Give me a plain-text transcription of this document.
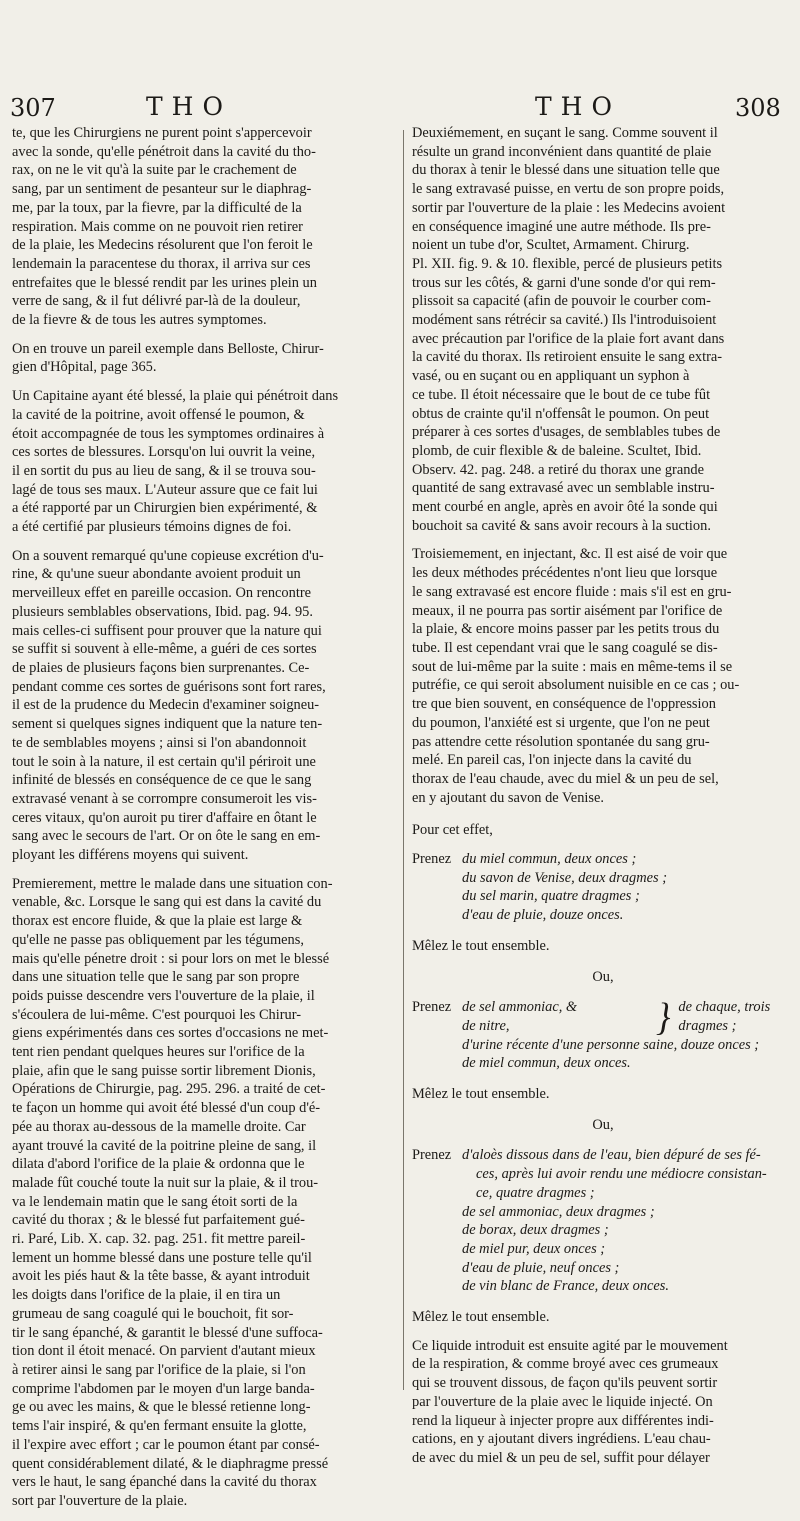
307	THO	THO	308
te, que les Chirurgiens ne purent point s'appercevoir
avec la sonde, qu'elle pénétroit dans la cavité du tho-
rax, on ne le vit qu'à la suite par le crachement de
sang, par un sentiment de pesanteur sur le diaphrag-
me, par la toux, par la fievre, par la difficulté de la
respiration. Mais comme on ne pouvoit rien retirer
de la plaie, les Medecins résolurent que l'on feroit le
lendemain la paracentese du thorax, il arriva sur ces
entrefaites que le blessé rendit par les urines plein un
verre de sang, & il fut délivré par-là de la douleur,
de la fievre & de tous les autres symptomes.
On en trouve un pareil exemple dans Belloste, Chirur-
gien d'Hôpital, page 365.
Un Capitaine ayant été blessé, la plaie qui pénétroit dans
la cavité de la poitrine, avoit offensé le poumon, &
étoit accompagnée de tous les symptomes ordinaires à
ces sortes de blessures. Lorsqu'on lui ouvrit la veine,
il en sortit du pus au lieu de sang, & il se trouva sou-
lagé de tous ses maux. L'Auteur assure que ce fait lui
a été rapporté par un Chirurgien bien expérimenté, &
a été certifié par plusieurs témoins dignes de foi.
On a souvent remarqué qu'une copieuse excrétion d'u-
rine, & qu'une sueur abondante avoient produit un
merveilleux effet en pareille occasion. On rencontre
plusieurs semblables observations, Ibid. pag. 94. 95.
mais celles-ci suffisent pour prouver que la nature qui
se suffit si souvent à elle-même, a guéri de ces sortes
de plaies de plusieurs façons bien surprenantes. Ce-
pendant comme ces sortes de guérisons sont fort rares,
il est de la prudence du Medecin d'examiner soigneu-
sement si quelques signes indiquent que la nature ten-
te de semblables moyens ; ainsi si l'on abandonnoit
tout le soin à la nature, il est certain qu'il périroit une
infinité de blessés en conséquence de ce que le sang
extravasé venant à se corrompre consumeroit les vis-
ceres vitaux, qu'on auroit pu tirer d'affaire en ôtant le
sang avec le secours de l'art. Or on ôte le sang en em-
ployant les différens moyens qui suivent.
Premierement, mettre le malade dans une situation con-
venable, &c. Lorsque le sang qui est dans la cavité du
thorax est encore fluide, & que la plaie est large &
qu'elle ne passe pas obliquement par les tégumens,
mais qu'elle pénetre droit : si pour lors on met le blessé
dans une situation telle que le sang par son propre
poids puisse descendre vers l'ouverture de la plaie, il
s'écoulera de lui-même. C'est pourquoi les Chirur-
giens expérimentés dans ces sortes d'occasions ne met-
tent rien pendant quelques heures sur l'orifice de la
plaie, afin que le sang puisse sortir librement Dionis,
Opérations de Chirurgie, pag. 295. 296. a traité de cet-
te façon un homme qui avoit été blessé d'un coup d'é-
pée au thorax au-dessous de la mamelle droite. Car
ayant trouvé la cavité de la poitrine pleine de sang, il
dilata d'abord l'orifice de la plaie & ordonna que le
malade fût couché toute la nuit sur la plaie, & il trou-
va le lendemain matin que le sang étoit sorti de la
cavité du thorax ; & le blessé fut parfaitement gué-
ri. Paré, Lib. X. cap. 32. pag. 251. fit mettre pareil-
lement un homme blessé dans une posture telle qu'il
avoit les piés haut & la tête basse, & ayant introduit
les doigts dans l'orifice de la plaie, il en tira un
grumeau de sang coagulé qui le bouchoit, fit sor-
tir le sang épanché, & garantit le blessé d'une suffoca-
tion dont il étoit menacé. On parvient d'autant mieux
à retirer ainsi le sang par l'orifice de la plaie, si l'on
comprime l'abdomen par le moyen d'un large banda-
ge ou avec les mains, & que le blessé retienne long-
tems l'air inspiré, & qu'en fermant ensuite la glotte,
il l'expire avec effort ; car le poumon étant par consé-
quent considérablement dilaté, & le diaphragme pressé
vers le haut, le sang épanché dans la cavité du thorax
sort par l'ouverture de la plaie.
Deuxiémement, en suçant le sang. Comme souvent il
résulte un grand inconvénient dans quantité de plaie
du thorax à tenir le blessé dans une situation telle que
le sang extravasé puisse, en vertu de son propre poids,
sortir par l'ouverture de la plaie : les Medecins avoient
en conséquence imaginé une autre méthode. Ils pre-
noient un tube d'or, Scultet, Armament. Chirurg.
Pl. XII. fig. 9. & 10. flexible, percé de plusieurs petits
trous sur les côtés, & garni d'une sonde d'or qui rem-
plissoit sa capacité (afin de pouvoir le courber com-
modément sans rétrécir sa cavité.) Ils l'introduisoient
avec précaution par l'orifice de la plaie fort avant dans
la cavité du thorax. Ils retiroient ensuite le sang extra-
vasé, ou en suçant ou en appliquant un syphon à
ce tube. Il étoit nécessaire que le bout de ce tube fût
obtus de crainte qu'il n'offensât le poumon. On peut
préparer à ces sortes d'usages, de semblables tubes de
plomb, de cuir flexible & de baleine. Scultet, Ibid.
Observ. 42. pag. 248. a retiré du thorax une grande
quantité de sang extravasé avec un semblable instru-
ment courbé en angle, après en avoir ôté la sonde qui
bouchoit sa cavité & sans avoir recours à la suction.
Troisiemement, en injectant, &c. Il est aisé de voir que
les deux méthodes précédentes n'ont lieu que lorsque
le sang extravasé est encore fluide : mais s'il est en gru-
meaux, il ne pourra pas sortir aisément par l'orifice de
la plaie, & encore moins passer par les petits trous du
tube. Il est cependant vrai que le sang coagulé se dis-
sout de lui-même par la suite : mais en même-tems il se
putréfie, ce qui seroit absolument nuisible en ce cas ; ou-
tre que bien souvent, en conséquence de l'oppression
du poumon, l'anxiété est si urgente, que l'on ne peut
pas attendre cette résolution spontanée du sang gru-
melé. En pareil cas, l'on injecte dans la cavité du
thorax de l'eau chaude, avec du miel & un peu de sel,
en y ajoutant du savon de Venise.
Pour cet effet,
Prenez du miel commun, deux onces ;
du savon de Venise, deux dragmes ;
du sel marin, quatre dragmes ;
d'eau de pluie, douze onces.
Mêlez le tout ensemble.
Ou,
Prenez de sel ammoniac, &
de nitre,	} de chaque, trois
dragmes ;
d'urine récente d'une personne saine, douze onces ;
de miel commun, deux onces.
Mêlez le tout ensemble.
Ou,
Prenez d'aloès dissous dans de l'eau, bien dépuré de ses fé-
ces, après lui avoir rendu une médiocre consistan-
ce, quatre dragmes ;
de sel ammoniac, deux dragmes ;
de borax, deux dragmes ;
de miel pur, deux onces ;
d'eau de pluie, neuf onces ;
de vin blanc de France, deux onces.
Mêlez le tout ensemble.
Ce liquide introduit est ensuite agité par le mouvement
de la respiration, & comme broyé avec ces grumeaux
qui se trouvent dissous, de façon qu'ils peuvent sortir
par l'ouverture de la plaie avec le liquide injecté. On
rend la liqueur à injecter propre aux différentes indi-
cations, en y ajoutant divers ingrédiens. L'eau chau-
de avec du miel & un peu de sel, suffit pour délayer
